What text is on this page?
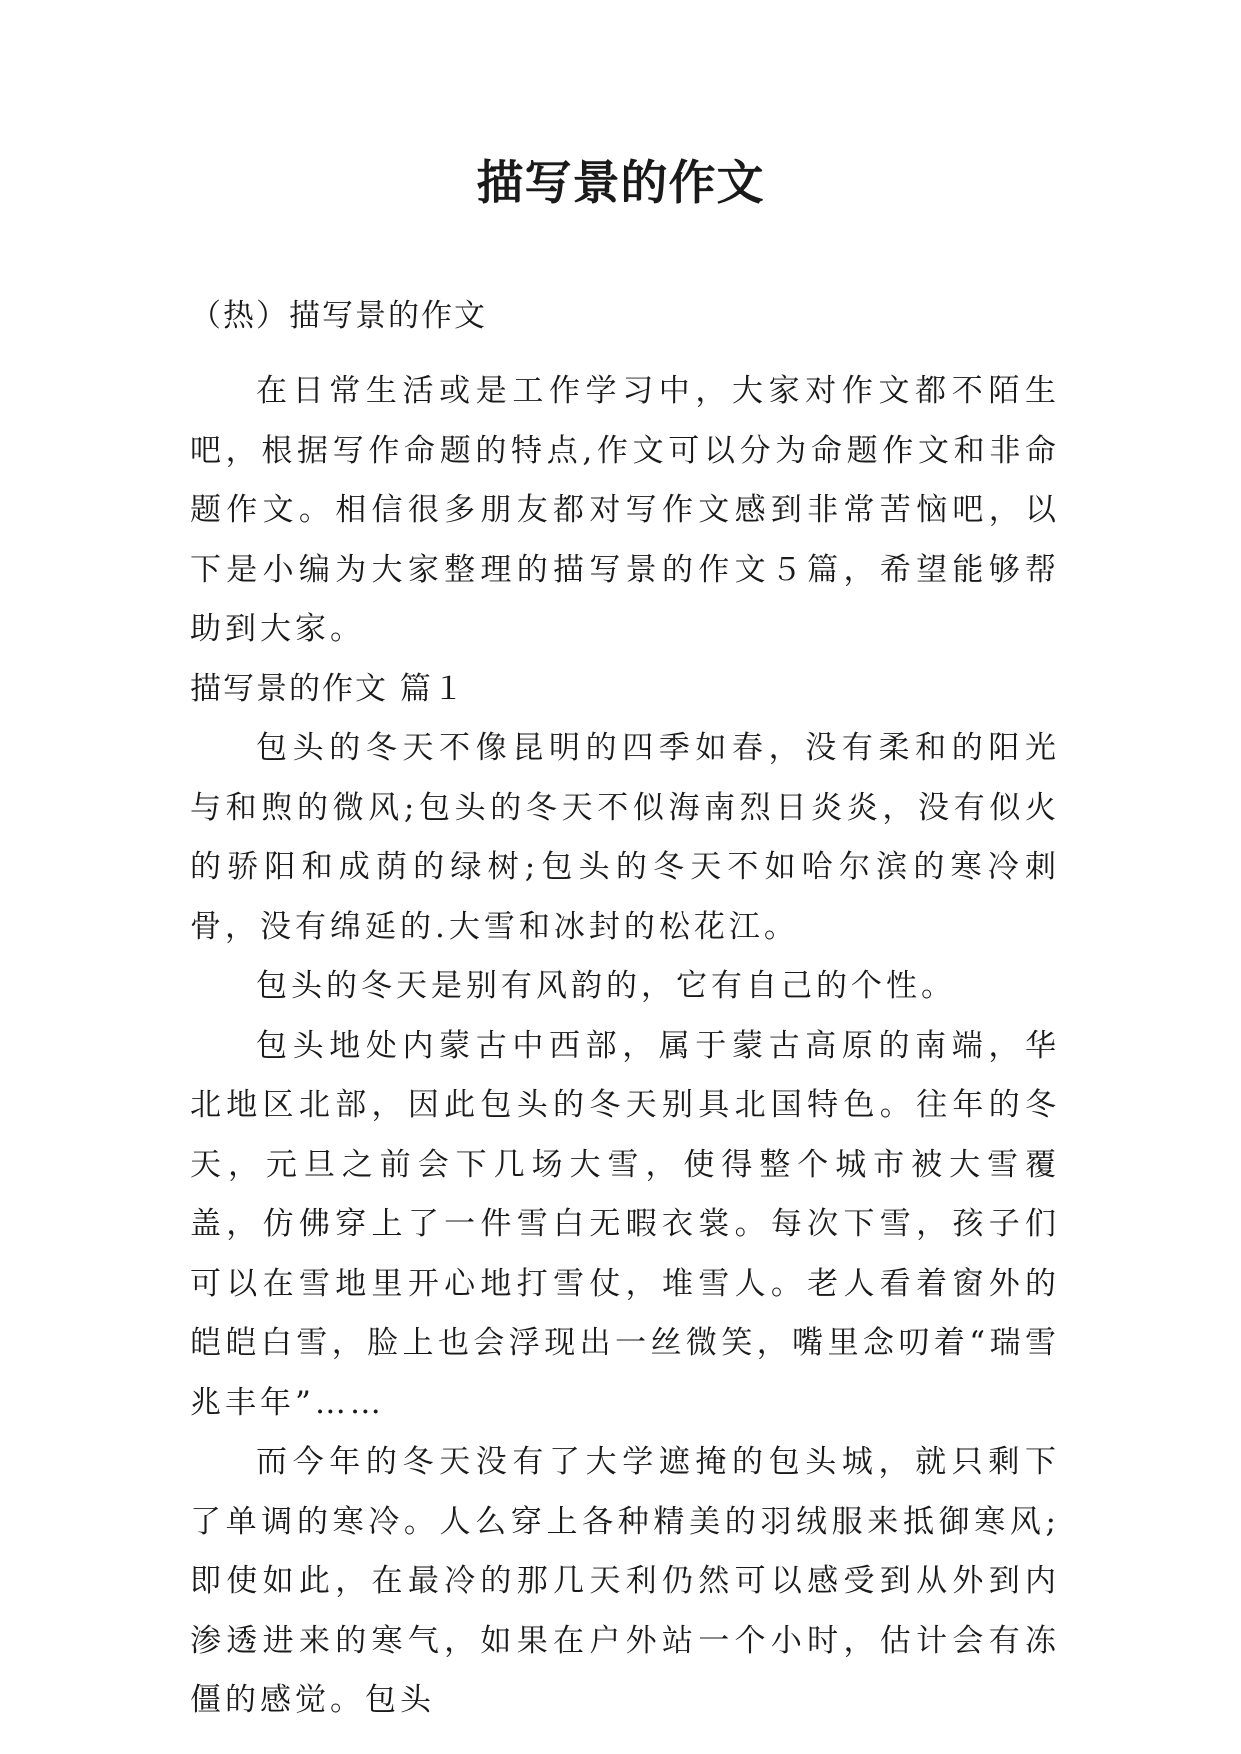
描写景的作文

（热）描写景的作文

在日常生活或是工作学习中，大家对作文都不陌生吧，根据写作命题的特点,作文可以分为命题作文和非命题作文。相信很多朋友都对写作文感到非常苦恼吧，以下是小编为大家整理的描写景的作文５篇，希望能够帮助到大家。

描写景的作文 篇１

包头的冬天不像昆明的四季如春，没有柔和的阳光与和煦的微风;包头的冬天不似海南烈日炎炎，没有似火的骄阳和成荫的绿树;包头的冬天不如哈尔滨的寒冷刺骨，没有绵延的.大雪和冰封的松花江。

包头的冬天是别有风韵的，它有自己的个性。

包头地处内蒙古中西部，属于蒙古高原的南端，华北地区北部，因此包头的冬天别具北国特色。往年的冬天，元旦之前会下几场大雪，使得整个城市被大雪覆盖，仿佛穿上了一件雪白无暇衣裳。每次下雪，孩子们可以在雪地里开心地打雪仗，堆雪人。老人看着窗外的皑皑白雪，脸上也会浮现出一丝微笑，嘴里念叨着“瑞雪兆丰年”……

而今年的冬天没有了大学遮掩的包头城，就只剩下了单调的寒冷。人么穿上各种精美的羽绒服来抵御寒风;即使如此，在最冷的那几天利仍然可以感受到从外到内渗透进来的寒气，如果在户外站一个小时，估计会有冻僵的感觉。包头
